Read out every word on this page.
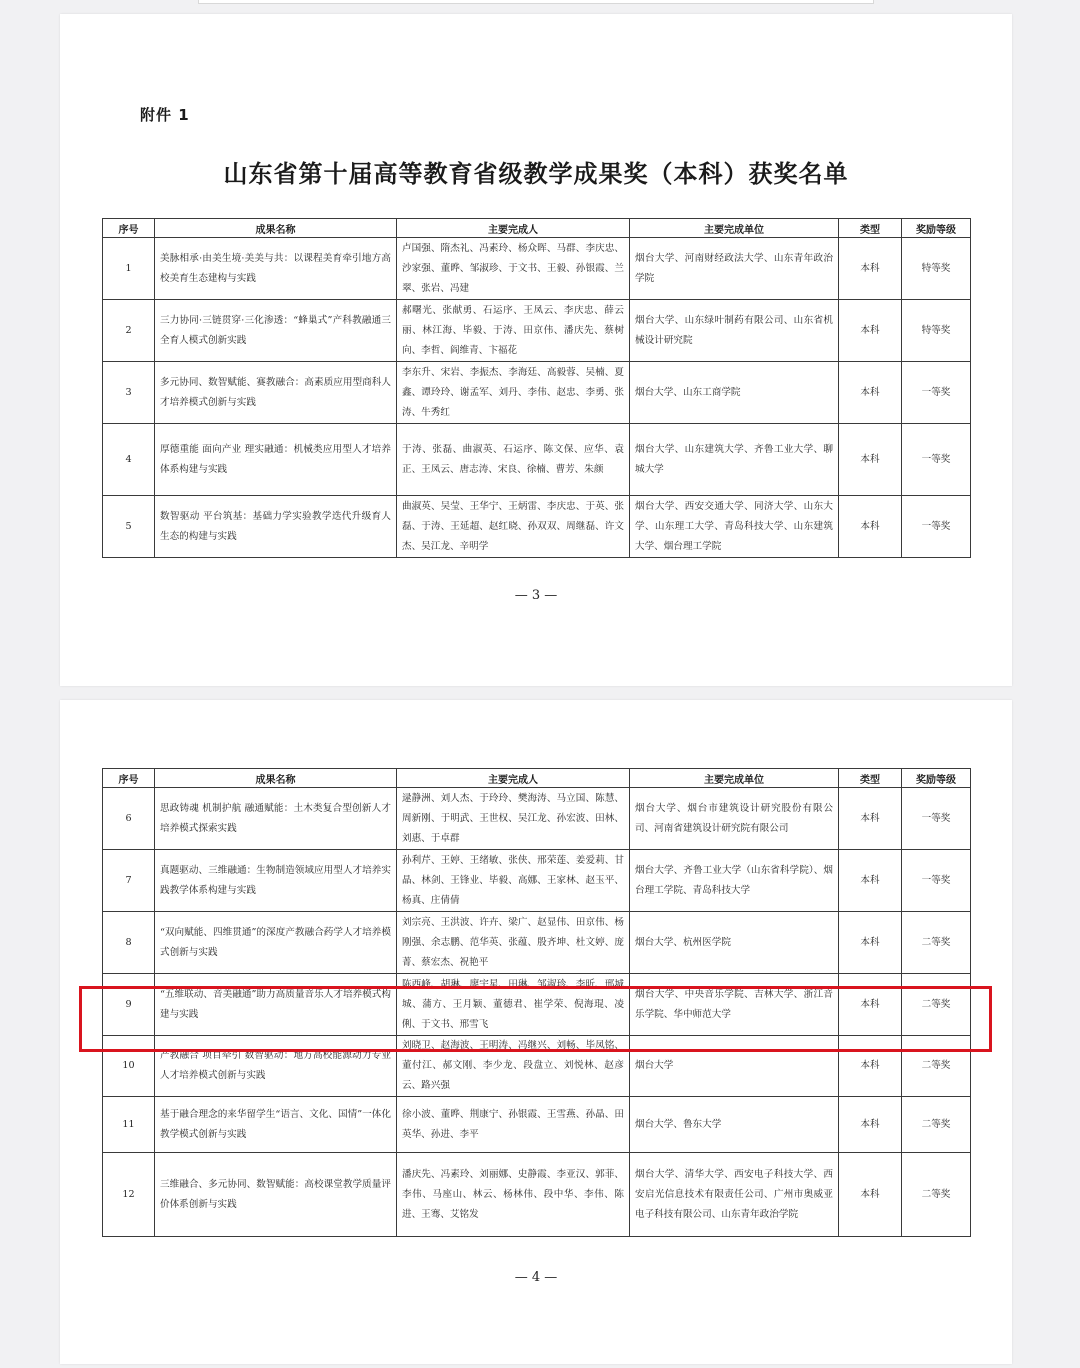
附件 1
山东省第十届高等教育省级教学成果奖（本科）获奖名单
序号	成果名称	主要完成人	主要完成单位	类型	奖励等级
1	美脉相承·由美生境·美美与共：以课程美育牵引地方高校美育生态建构与实践	卢国强、隋杰礼、冯素玲、杨众晖、马群、李庆忠、沙家强、董晔、邹淑珍、于文书、王毅、孙银霞、兰翠、张岩、冯建	烟台大学、河南财经政法大学、山东青年政治学院	本科	特等奖
2	三力协同·三链贯穿·三化渗透：“蜂巢式”产科教融通三全育人模式创新实践	郝曙光、张献勇、石运序、王凤云、李庆忠、薛云丽、林江海、毕毅、于涛、田京伟、潘庆先、蔡树向、李哲、阎维青、卞福花	烟台大学、山东绿叶制药有限公司、山东省机械设计研究院	本科	特等奖
3	多元协同、数智赋能、赛教融合：高素质应用型商科人才培养模式创新与实践	李东升、宋岩、李振杰、李海廷、高毅蓉、吴楠、夏鑫、谭玲玲、谢孟军、刘丹、李伟、赵忠、李勇、张涛、牛秀红	烟台大学、山东工商学院	本科	一等奖
4	厚德重能 面向产业 理实融通：机械类应用型人才培养体系构建与实践	于涛、张磊、曲淑英、石运序、陈文保、应华、袁正、王凤云、唐志涛、宋良、徐楠、曹芳、朱颜	烟台大学、山东建筑大学、齐鲁工业大学、聊城大学	本科	一等奖
5	数智驱动 平台筑基：基础力学实验教学迭代升级育人生态的构建与实践	曲淑英、吴莹、王华宁、王炳雷、李庆忠、于英、张磊、于涛、王延超、赵红晓、孙双双、周继磊、许文杰、吴江龙、辛明学	烟台大学、西安交通大学、同济大学、山东大学、山东理工大学、青岛科技大学、山东建筑大学、烟台理工学院	本科	一等奖
— 3 —
序号	成果名称	主要完成人	主要完成单位	类型	奖励等级
6	思政铸魂 机制护航 融通赋能：土木类复合型创新人才培养模式探索实践	逯静洲、刘人杰、于玲玲、樊海涛、马立国、陈慧、周新刚、于明武、王世权、吴江龙、孙宏波、田林、刘惠、于卓群	烟台大学、烟台市建筑设计研究股份有限公司、河南省建筑设计研究院有限公司	本科	一等奖
7	真题驱动、三维融通：生物制造领域应用型人才培养实践教学体系构建与实践	孙利芹、王婷、王绪敏、张侠、邢荣莲、姜爱莉、甘晶、林剑、王锋业、毕毅、高娜、王家林、赵玉平、杨真、庄倩倩	烟台大学、齐鲁工业大学（山东省科学院）、烟台理工学院、青岛科技大学	本科	一等奖
8	“双向赋能、四维贯通”的深度产教融合药学人才培养模式创新与实践	刘宗亮、王洪波、许卉、梁广、赵显伟、田京伟、杨刚强、余志鹏、范华英、张蕴、殷齐坤、杜文婷、庞菁、蔡宏杰、祝艳平	烟台大学、杭州医学院	本科	二等奖
9	“五维联动、音美融通”助力高质量音乐人才培养模式构建与实践	陈西峰、胡琳、廖宇星、田琳、邹淑珍、李昕、邢城城、蒲方、王月颖、董德君、崔学荣、倪海琨、凌俐、于文书、邢雪飞	烟台大学、中央音乐学院、吉林大学、浙江音乐学院、华中师范大学	本科	二等奖
10	产教融合 项目牵引 数智驱动：地方高校能源动力专业人才培养模式创新与实践	刘晓卫、赵海波、王明涛、冯继兴、刘畅、毕凤铭、董付江、郝文刚、李少龙、段盘立、刘悦林、赵彦云、路兴强	烟台大学	本科	二等奖
11	基于融合理念的来华留学生“语言、文化、国情”一体化教学模式创新与实践	徐小波、董晔、荆康宁、孙银霞、王雪燕、孙晶、田英华、孙进、李平	烟台大学、鲁东大学	本科	二等奖
12	三维融合、多元协同、数智赋能：高校课堂教学质量评价体系创新与实践	潘庆先、冯素玲、刘丽娜、史静霞、李亚汉、郭菲、李伟、马座山、林云、杨林伟、段中华、李伟、陈进、王骞、艾铭发	烟台大学、清华大学、西安电子科技大学、西安启光信息技术有限责任公司、广州市奥威亚电子科技有限公司、山东青年政治学院	本科	二等奖
— 4 —
